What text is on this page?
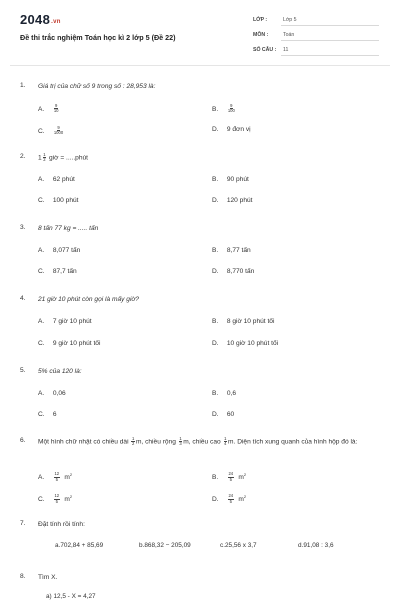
2048.vn
Đề thi trắc nghiệm Toán học kì 2 lớp 5 (Đề 22)
LỚP :	Lớp 5
MÔN :	Toán
SỐ CÂU : 11
1. Giá trị của chữ số 9 trong số : 28,953 là:
A. $\frac{9}{10}$	B. $\frac{9}{100}$
C. $\frac{9}{1000}$	D. 9 đơn vị
2. $1 \frac{1}{2}$ giờ = .....phút
A. 62 phút	B. 90 phút
C. 100 phút	D. 120 phút
3. 8 tấn 77 kg = ..... tấn
A. 8,077 tấn	B. 8,77 tấn
C. 87,7 tấn	D. 8,770 tấn
4. 21 giờ 10 phút còn gọi là mấy giờ?
A. 7 giờ 10 phút	B. 8 giờ 10 phút tối
C. 9 giờ 10 phút tối	D. 10 giờ 10 phút tối
5. 5% của 120 là:
A. 0,06	B. 0,6
C. 6	D. 60
6. Một hình chữ nhật có chiều dài $\frac{1}{2} m$, chiều rộng $\frac{1}{3} m$, chiều cao $\frac{1}{4} m$. Diện tích xung quanh của hình hộp đó là:
A. $\frac{12}{5} m^2$	B. $\frac{24}{5} m^2$
C. $\frac{12}{5} m^2$	D. $\frac{24}{5} m^2$
7. Đặt tính rồi tính:
a.702,84 + 85,69	b.868,32 − 205,09	c.25,56 x 3,7	d.91,08 : 3,6
8. Tìm X.
a) 12,5 - X = 4,27
